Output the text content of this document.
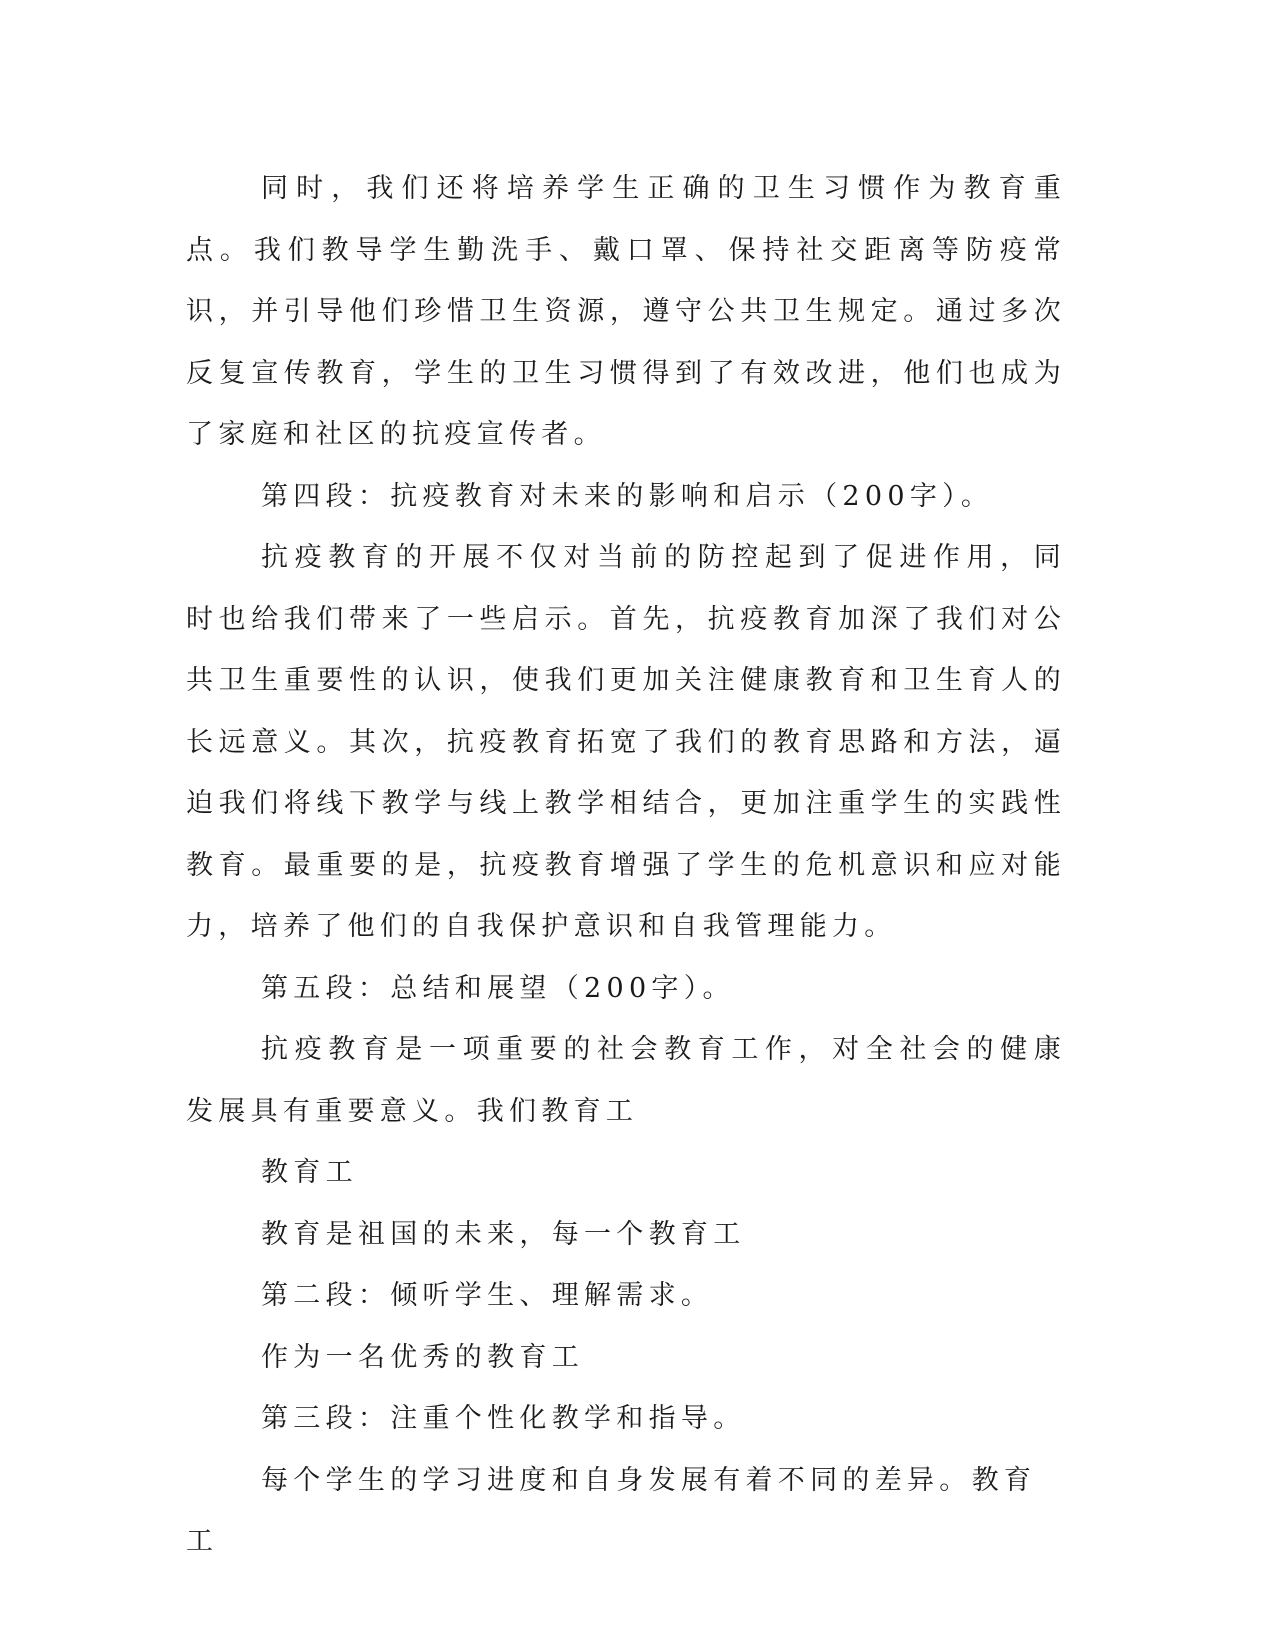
同时，我们还将培养学生正确的卫生习惯作为教育重点。我们教导学生勤洗手、戴口罩、保持社交距离等防疫常识，并引导他们珍惜卫生资源，遵守公共卫生规定。通过多次反复宣传教育，学生的卫生习惯得到了有效改进，他们也成为了家庭和社区的抗疫宣传者。

第四段：抗疫教育对未来的影响和启示（200字）。

抗疫教育的开展不仅对当前的防控起到了促进作用，同时也给我们带来了一些启示。首先，抗疫教育加深了我们对公共卫生重要性的认识，使我们更加关注健康教育和卫生育人的长远意义。其次，抗疫教育拓宽了我们的教育思路和方法，逼迫我们将线下教学与线上教学相结合，更加注重学生的实践性教育。最重要的是，抗疫教育增强了学生的危机意识和应对能力，培养了他们的自我保护意识和自我管理能力。

第五段：总结和展望（200字）。

抗疫教育是一项重要的社会教育工作，对全社会的健康发展具有重要意义。我们教育工

教育工

教育是祖国的未来，每一个教育工

第二段：倾听学生、理解需求。

作为一名优秀的教育工

第三段：注重个性化教学和指导。

每个学生的学习进度和自身发展有着不同的差异。教育工
